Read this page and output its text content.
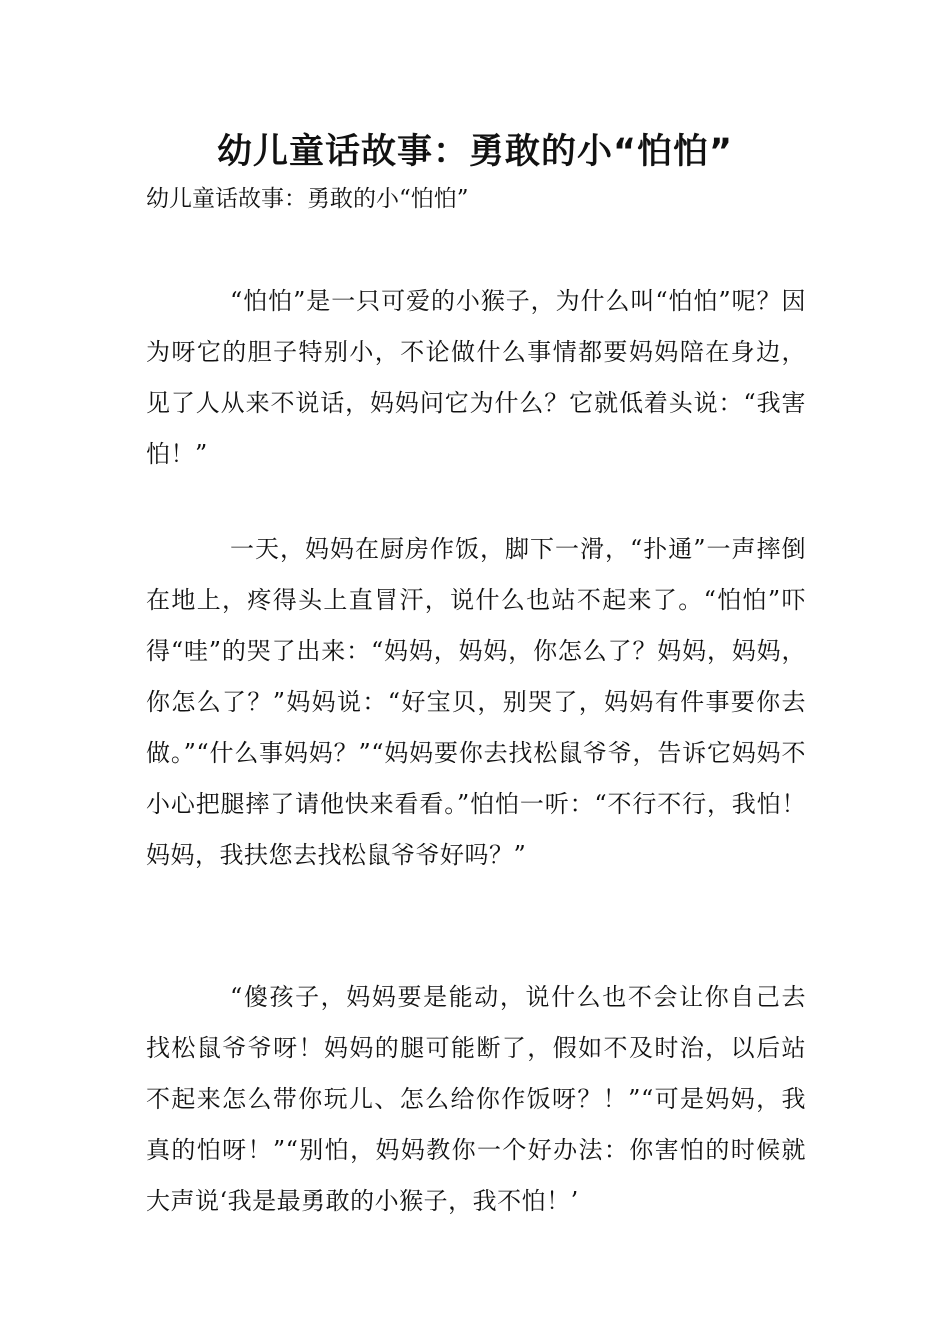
幼儿童话故事：勇敢的小“怕怕”

幼儿童话故事：勇敢的小“怕怕”

“怕怕”是一只可爱的小猴子，为什么叫“怕怕”呢？因为呀它的胆子特别小，不论做什么事情都要妈妈陪在身边，见了人从来不说话，妈妈问它为什么？它就低着头说：“我害怕！”

一天，妈妈在厨房作饭，脚下一滑，“扑通”一声摔倒在地上，疼得头上直冒汗，说什么也站不起来了。“怕怕”吓得“哇”的哭了出来：“妈妈，妈妈，你怎么了？妈妈，妈妈，你怎么了？”妈妈说：“好宝贝，别哭了，妈妈有件事要你去做。”“什么事妈妈？”“妈妈要你去找松鼠爷爷，告诉它妈妈不小心把腿摔了请他快来看看。”怕怕一听：“不行不行，我怕！妈妈，我扶您去找松鼠爷爷好吗？”

“傻孩子，妈妈要是能动，说什么也不会让你自己去找松鼠爷爷呀！妈妈的腿可能断了，假如不及时治，以后站不起来怎么带你玩儿、怎么给你作饭呀？！”“可是妈妈，我真的怕呀！”“别怕，妈妈教你一个好办法：你害怕的时候就大声说‘我是最勇敢的小猴子，我不怕！’
